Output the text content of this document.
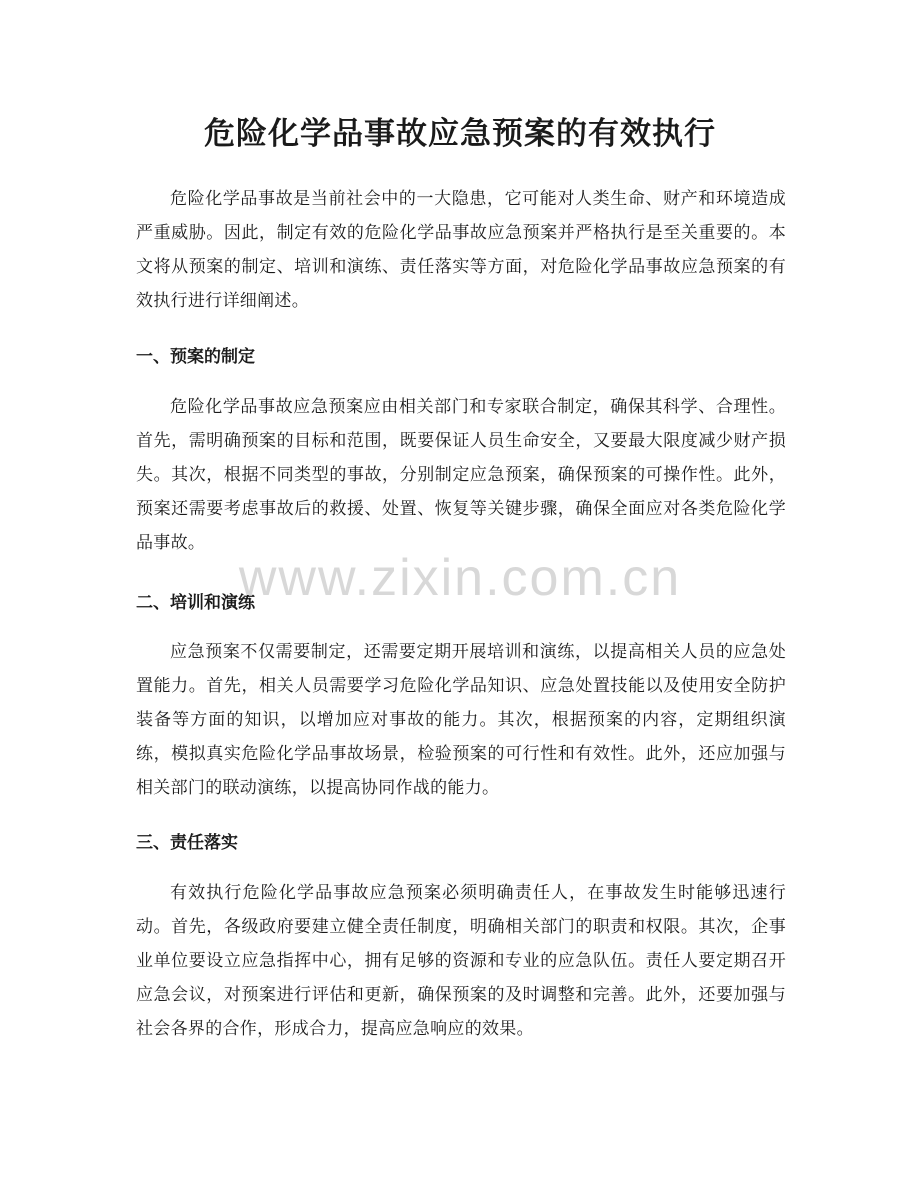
危险化学品事故应急预案的有效执行

危险化学品事故是当前社会中的一大隐患，它可能对人类生命、财产和环境造成严重威胁。因此，制定有效的危险化学品事故应急预案并严格执行是至关重要的。本文将从预案的制定、培训和演练、责任落实等方面，对危险化学品事故应急预案的有效执行进行详细阐述。

一、预案的制定

危险化学品事故应急预案应由相关部门和专家联合制定，确保其科学、合理性。首先，需明确预案的目标和范围，既要保证人员生命安全，又要最大限度减少财产损失。其次，根据不同类型的事故，分别制定应急预案，确保预案的可操作性。此外，预案还需要考虑事故后的救援、处置、恢复等关键步骤，确保全面应对各类危险化学品事故。

二、培训和演练

应急预案不仅需要制定，还需要定期开展培训和演练，以提高相关人员的应急处置能力。首先，相关人员需要学习危险化学品知识、应急处置技能以及使用安全防护装备等方面的知识，以增加应对事故的能力。其次，根据预案的内容，定期组织演练，模拟真实危险化学品事故场景，检验预案的可行性和有效性。此外，还应加强与相关部门的联动演练，以提高协同作战的能力。

三、责任落实

有效执行危险化学品事故应急预案必须明确责任人，在事故发生时能够迅速行动。首先，各级政府要建立健全责任制度，明确相关部门的职责和权限。其次，企事业单位要设立应急指挥中心，拥有足够的资源和专业的应急队伍。责任人要定期召开应急会议，对预案进行评估和更新，确保预案的及时调整和完善。此外，还要加强与社会各界的合作，形成合力，提高应急响应的效果。

www.zixin.com.cn
